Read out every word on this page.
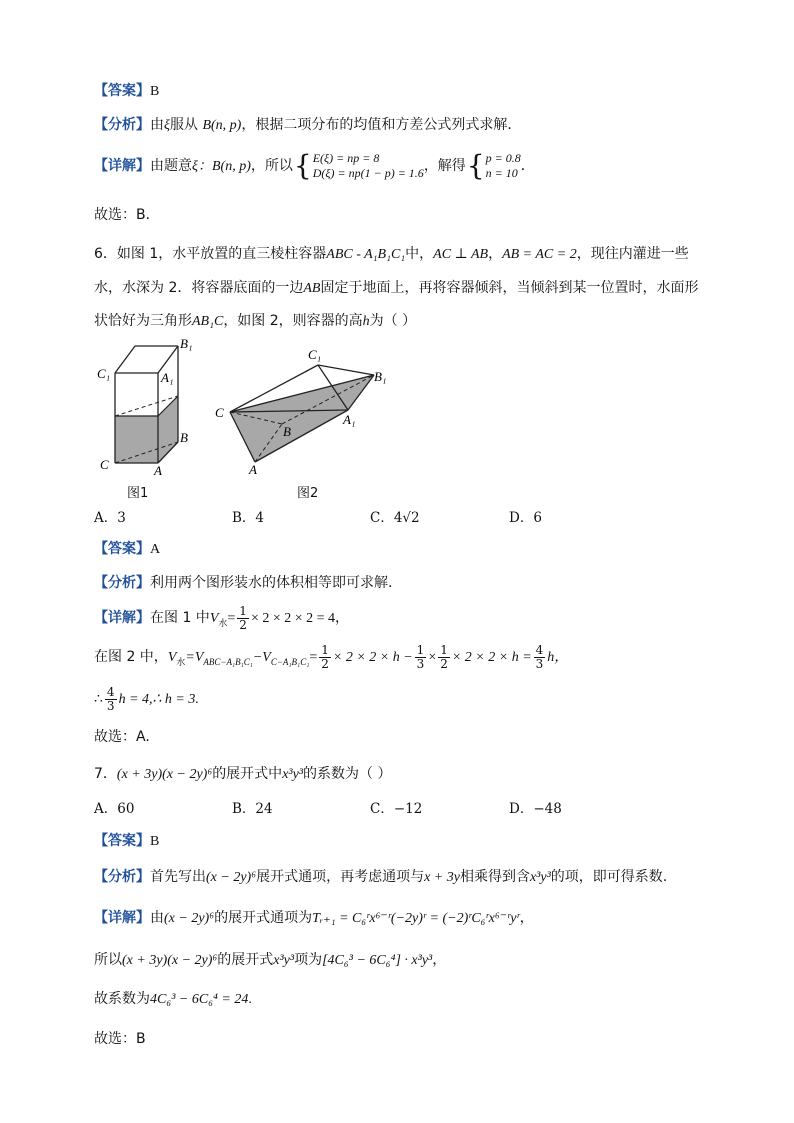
【答案】B
【分析】由ξ服从 B(n, p)，根据二项分布的均值和方差公式列式求解．
【详解】由题意ξ：B(n, p)，所以{ E(ξ) = np = 8
D(ξ) = np(1 − p) = 1.6 ，解得{ p = 0.8
n = 10 ．
故选：B．
6．如图 1，水平放置的直三棱柱容器ABC - A₁B₁C₁中，AC ⊥ AB，AB = AC = 2，现往内灌进一些
水，水深为 2．将容器底面的一边AB固定于地面上，再将容器倾斜，当倾斜到某一位置时，水面形
状恰好为三角形AB₁C，如图 2，则容器的高h为（ ）
B₁
C₁	A₁
B
C	A
图1
C₁
B₁
C
B
A₁
A
图2
A．3	B．4	C．4√2	D．6
【答案】A
【分析】利用两个图形装水的体积相等即可求解.
【详解】在图 1 中$V_水= \frac{1}{2} \times 2 \times 2 \times 2 = 4$，
在图 2 中，$V_水=V_{ABC-A_1B_1C_1}-V_{C-A_1B_1C_1}= \frac{1}{2} \times 2 \times 2 \times h - \frac{1}{3} \times \frac{1}{2} \times 2 \times 2 \times h = \frac{4}{3}$ h，
∴ $\frac{4}{3}$ h = 4,∴ h = 3.
故选：A.
7．(x + 3y)(x − 2y)⁶的展开式中x³y³的系数为（ ）
A．60	B．24	C．−12	D．−48
【答案】B
【分析】首先写出(x − 2y)⁶展开式通项，再考虑通项与x + 3y相乘得到含x³y³的项，即可得系数.
【详解】由(x − 2y)⁶的展开式通项为Tᵣ₊₁ = C₆ʳx⁶⁻ʳ(−2y)ʳ = (−2)ʳC₆ʳx⁶⁻ʳyʳ，
所以(x + 3y)(x − 2y)⁶的展开式x³y³项为[4C₆³ − 6C₆⁴] · x³y³，
故系数为4C₆³ − 6C₆⁴ = 24.
故选：B
